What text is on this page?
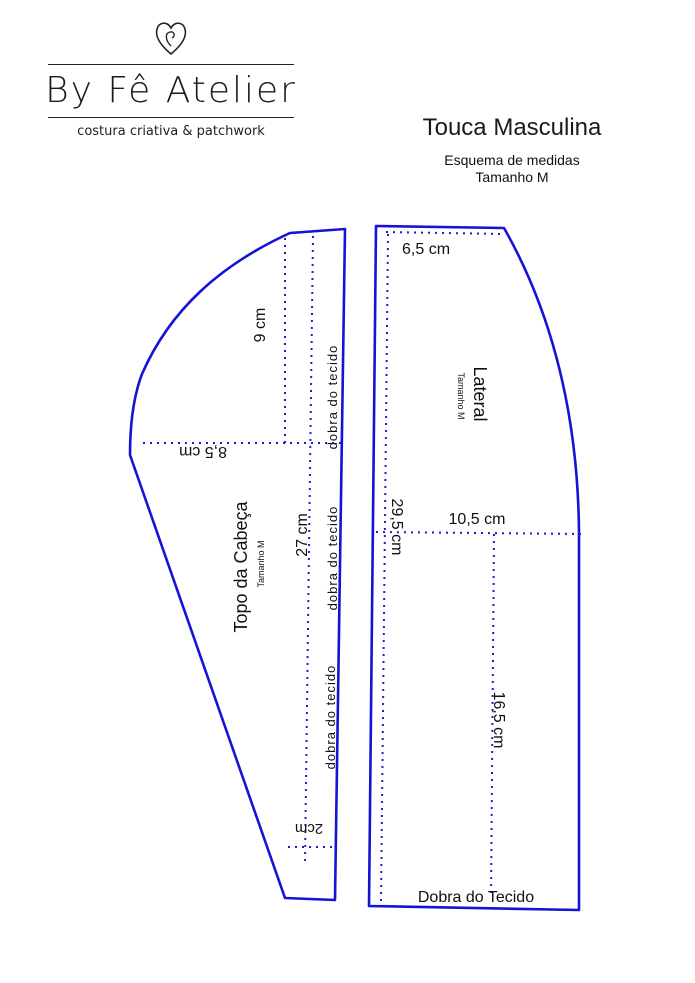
By Fê Atelier
costura criativa & patchwork	Touca Masculina
Esquema de medidas
Tamanho M
9 cm
8,5 cm
27 cm
2cm
Topo da Cabeça Tamanho M
dobra do tecido
dobra do tecido
dobra do tecido
6,5 cm
Lateral
Tamanho M
29,5 cm	10,5 cm
16,5 cm
Dobra do Tecido
